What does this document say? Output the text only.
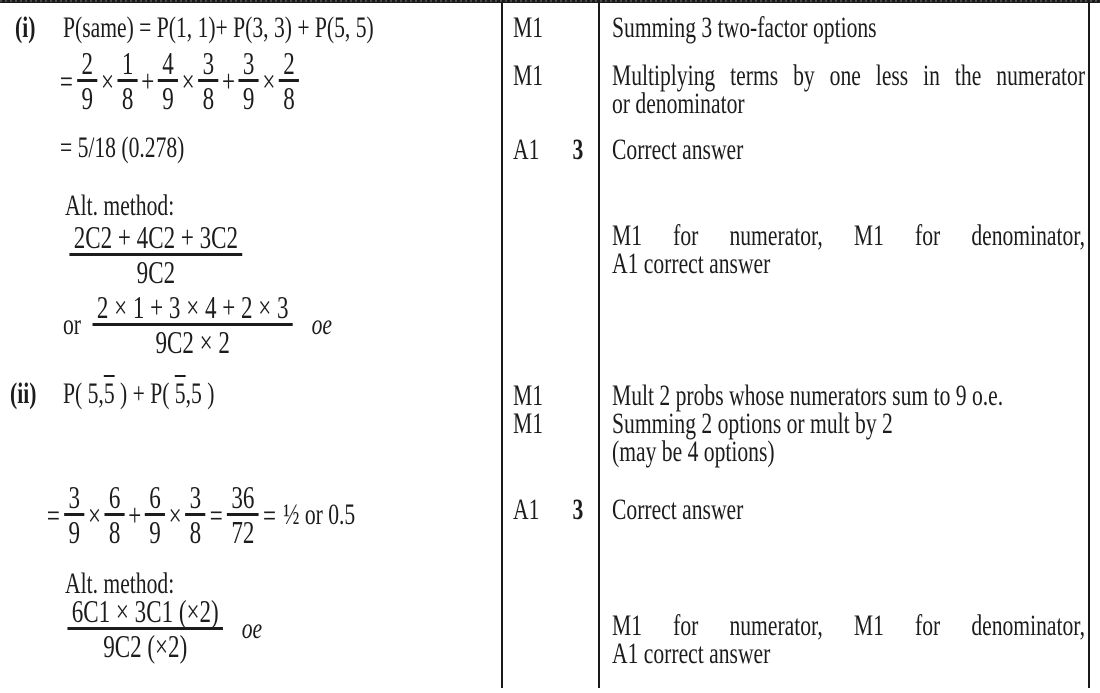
(i) P(same) = P(1, 1)+ P(3, 3) + P(5, 5)
= $\frac{2}{9} \times \frac{1}{8} + \frac{4}{9} \times \frac{3}{8} + \frac{3}{9} \times \frac{2}{8}$
= 5/18 (0.278)
Alt. method:
$\frac{2C2 + 4C2 + 3C2}{9C2}$
or $\frac{2 \times 1 + 3 \times 4 + 2 \times 3}{9C2 \times 2}$ oe
(ii) P( 5,5 ) + P( 5,5 )
= $\frac{3}{9} \times \frac{6}{8} + \frac{6}{9} \times \frac{3}{8} = \frac{36}{72}$ = ½ or 0.5
Alt. method:
$\frac{6C1 \times 3C1 (\times 2)}{9C2 (\times 2)}$ oe
M1
M1
A1 3
M1
M1
A1 3
Summing 3 two-factor options
Multiplying terms by one less in the numerator
or denominator
Correct answer
M1 for numerator, M1 for denominator,
A1 correct answer
Mult 2 probs whose numerators sum to 9 o.e.
Summing 2 options or mult by 2
(may be 4 options)
Correct answer
M1 for numerator, M1 for denominator,
A1 correct answer
